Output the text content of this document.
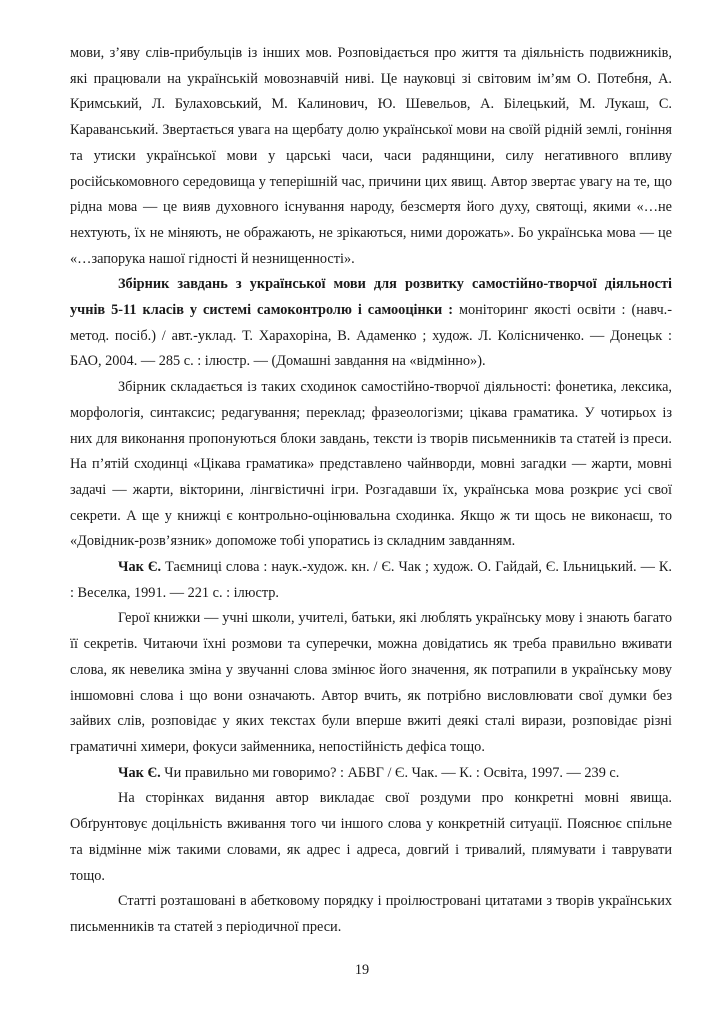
мови, з’яву слів-прибульців із інших мов. Розповідається про життя та діяльність подвижників, які працювали на українській мовознавчій ниві. Це науковці зі світовим ім’ям О. Потебня, А. Кримський, Л. Булаховський, М. Калинович, Ю. Шевельов, А. Білецький, М. Лукаш, С. Караванський. Звертається увага на щербату долю української мови на своїй рідній землі, гоніння та утиски української мови у царські часи, часи радянщини, силу негативного впливу російськомовного середовища у теперішній час, причини цих явищ. Автор звертає увагу на те, що рідна мова — це вияв духовного існування народу, безсмертя його духу, святощі, якими «…не нехтують, їх не міняють, не ображають, не зрікаються, ними дорожать». Бо українська мова — це «…запорука нашої гідності й незнищенності».

Збірник завдань з української мови для розвитку самостійно-творчої діяльності учнів 5-11 класів у системі самоконтролю і самооцінки : моніторинг якості освіти : (навч.-метод. посіб.) / авт.-уклад. Т. Харахоріна, В. Адаменко ; худож. Л. Колісниченко. — Донецьк : БАО, 2004. — 285 с. : ілюстр. — (Домашні завдання на «відмінно»).

Збірник складається із таких сходинок самостійно-творчої діяльності: фонетика, лексика, морфологія, синтаксис; редагування; переклад; фразеологізми; цікава граматика. У чотирьох із них для виконання пропонуються блоки завдань, тексти із творів письменників та статей із преси. На п’ятій сходинці «Цікава граматика» представлено чайнворди, мовні загадки — жарти, мовні задачі — жарти, вікторини, лінгвістичні ігри. Розгадавши їх, українська мова розкриє усі свої секрети. А ще у книжці є контрольно-оцінювальна сходинка. Якщо ж ти щось не виконаєш, то «Довідник-розв’язник» допоможе тобі упоратись із складним завданням.

Чак Є. Таємниці слова : наук.-худож. кн. / Є. Чак ; худож. О. Гайдай, Є. Ільницький. — К. : Веселка, 1991. — 221 с. : ілюстр.

Герої книжки — учні школи, учителі, батьки, які люблять українську мову і знають багато її секретів. Читаючи їхні розмови та суперечки, можна довідатись як треба правильно вживати слова, як невелика зміна у звучанні слова змінює його значення, як потрапили в українську мову іншомовні слова і що вони означають. Автор вчить, як потрібно висловлювати свої думки без зайвих слів, розповідає у яких текстах були вперше вжиті деякі сталі вирази, розповідає різні граматичні химери, фокуси займенника, непостійність дефіса тощо.

Чак Є. Чи правильно ми говоримо? : АБВГ / Є. Чак. — К. : Освіта, 1997. — 239 с.

На сторінках видання автор викладає свої роздуми про конкретні мовні явища. Обґрунтовує доцільність вживання того чи іншого слова у конкретній ситуації. Пояснює спільне та відмінне між такими словами, як адрес і адреса, довгий і тривалий, плямувати і таврувати тощо.

Статті розташовані в абетковому порядку і проілюстровані цитатами з творів українських письменників та статей з періодичної преси.

19
